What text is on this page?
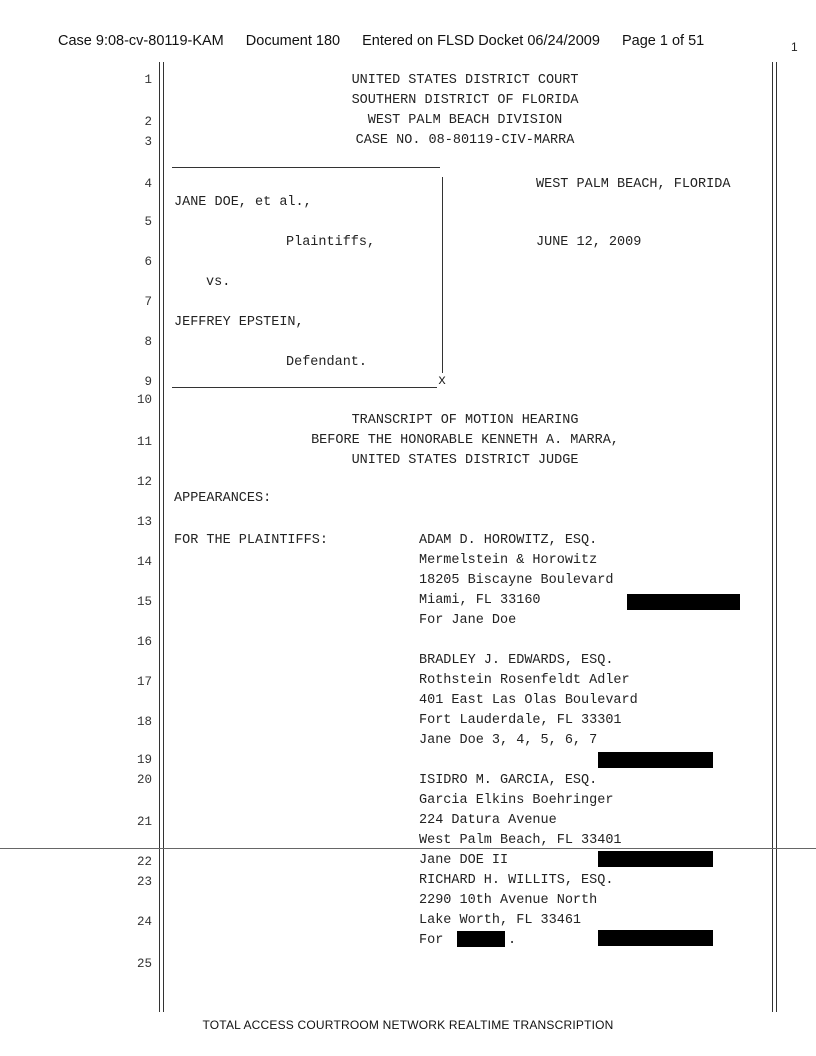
Case 9:08-cv-80119-KAM Document 180 Entered on FLSD Docket 06/24/2009 Page 1 of 51	1
1
2
3
4
5
6
7
8
9
10
11
12
13
14
15
16
17
18
19
20
21
22
23
24
25
UNITED STATES DISTRICT COURT
SOUTHERN DISTRICT OF FLORIDA
WEST PALM BEACH DIVISION
CASE NO. 08-80119-CIV-MARRA
x
JANE DOE, et al.,
Plaintiffs,
vs.
JEFFREY EPSTEIN,
Defendant.
WEST PALM BEACH, FLORIDA
JUNE 12, 2009
TRANSCRIPT OF MOTION HEARING
BEFORE THE HONORABLE KENNETH A. MARRA,
UNITED STATES DISTRICT JUDGE
APPEARANCES:
FOR THE PLAINTIFFS:	ADAM D. HOROWITZ, ESQ.
Mermelstein & Horowitz
18205 Biscayne Boulevard
Miami, FL 33160
For Jane Doe
BRADLEY J. EDWARDS, ESQ.
Rothstein Rosenfeldt Adler
401 East Las Olas Boulevard
Fort Lauderdale, FL 33301
Jane Doe 3, 4, 5, 6, 7
ISIDRO M. GARCIA, ESQ.
Garcia Elkins Boehringer
224 Datura Avenue
West Palm Beach, FL 33401
Jane DOE II
RICHARD H. WILLITS, ESQ.
2290 10th Avenue North
Lake Worth, FL 33461
For	.
TOTAL ACCESS COURTROOM NETWORK REALTIME TRANSCRIPTION
